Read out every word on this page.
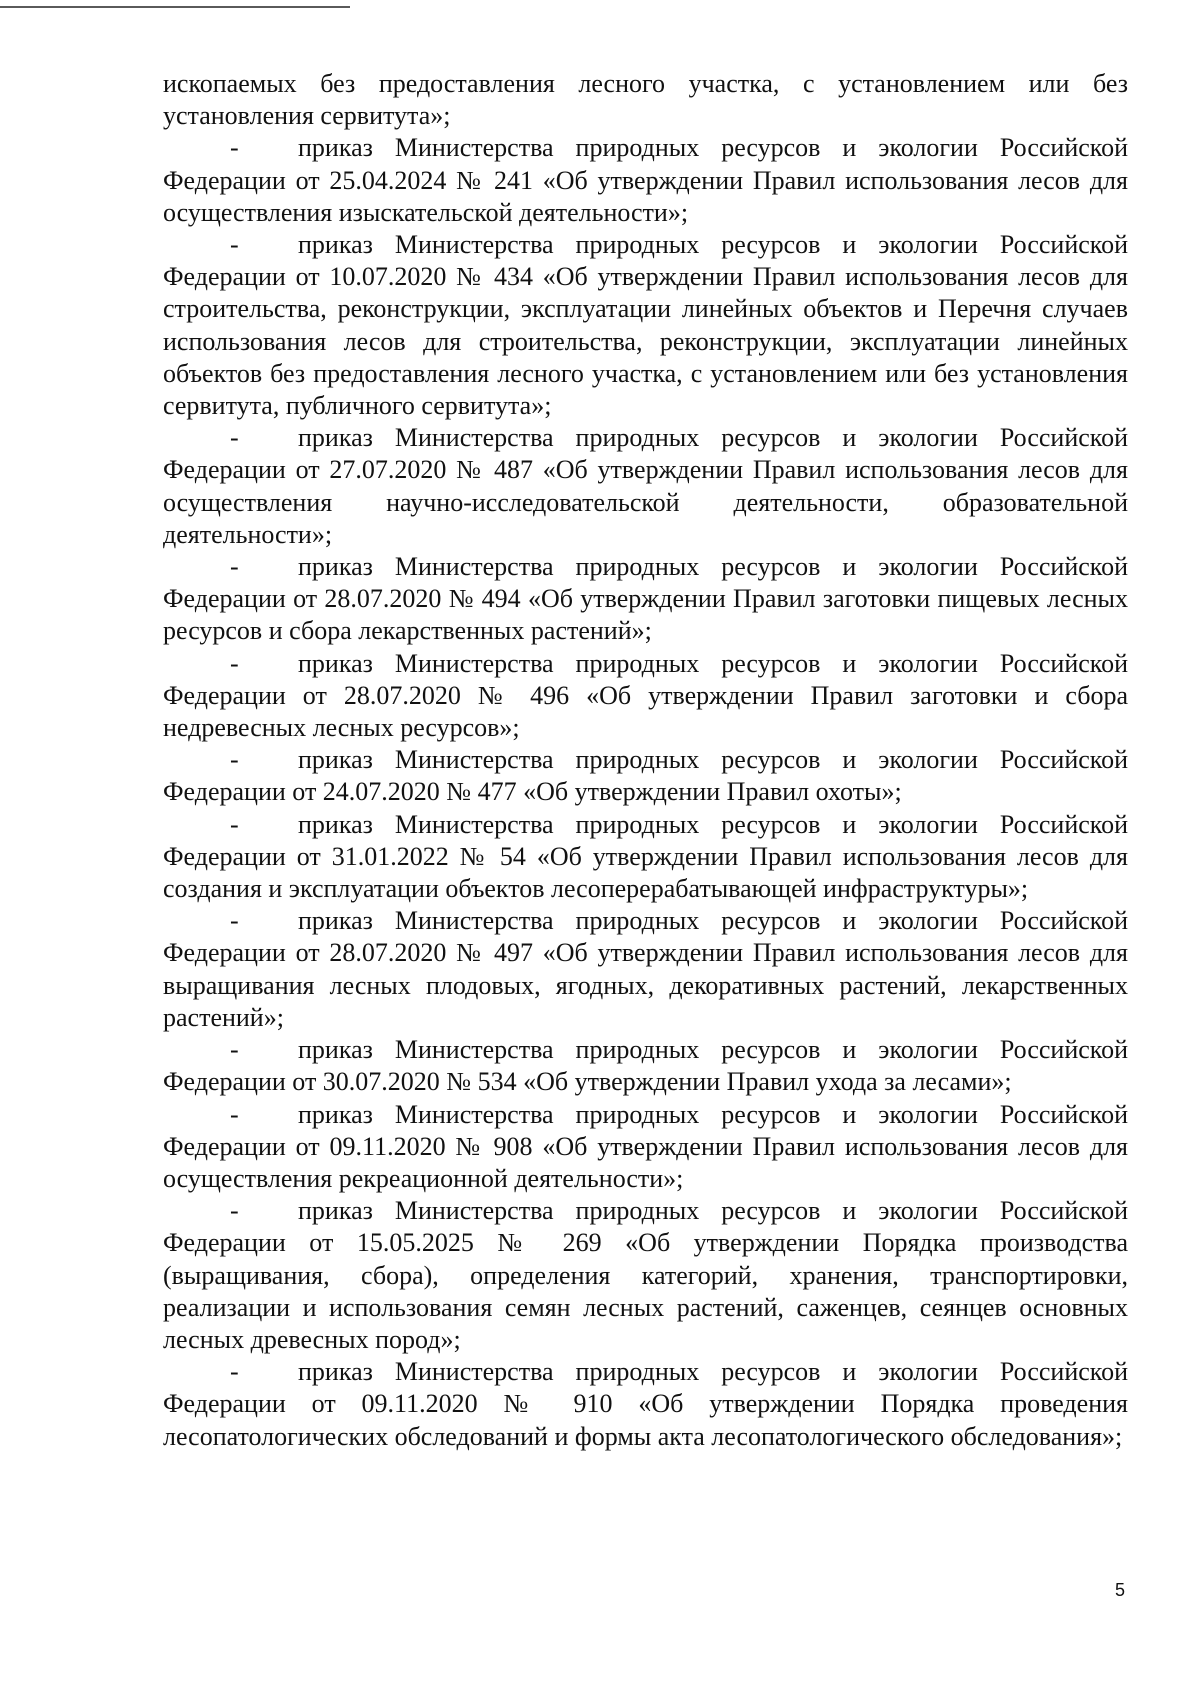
ископаемых без предоставления лесного участка, с установлением или без установления сервитута»;

- приказ Министерства природных ресурсов и экологии Российской Федерации от 25.04.2024 № 241 «Об утверждении Правил использования лесов для осуществления изыскательской деятельности»;

- приказ Министерства природных ресурсов и экологии Российской Федерации от 10.07.2020 № 434 «Об утверждении Правил использования лесов для строительства, реконструкции, эксплуатации линейных объектов и Перечня случаев использования лесов для строительства, реконструкции, эксплуатации линейных объектов без предоставления лесного участка, с установлением или без установления сервитута, публичного сервитута»;

- приказ Министерства природных ресурсов и экологии Российской Федерации от 27.07.2020 № 487 «Об утверждении Правил использования лесов для осуществления научно-исследовательской деятельности, образовательной деятельности»;

- приказ Министерства природных ресурсов и экологии Российской Федерации от 28.07.2020 № 494 «Об утверждении Правил заготовки пищевых лесных ресурсов и сбора лекарственных растений»;

- приказ Министерства природных ресурсов и экологии Российской Федерации от 28.07.2020 № 496 «Об утверждении Правил заготовки и сбора недревесных лесных ресурсов»;

- приказ Министерства природных ресурсов и экологии Российской Федерации от 24.07.2020 № 477 «Об утверждении Правил охоты»;

- приказ Министерства природных ресурсов и экологии Российской Федерации от 31.01.2022 № 54 «Об утверждении Правил использования лесов для создания и эксплуатации объектов лесоперерабатывающей инфраструктуры»;

- приказ Министерства природных ресурсов и экологии Российской Федерации от 28.07.2020 № 497 «Об утверждении Правил использования лесов для выращивания лесных плодовых, ягодных, декоративных растений, лекарственных растений»;

- приказ Министерства природных ресурсов и экологии Российской Федерации от 30.07.2020 № 534 «Об утверждении Правил ухода за лесами»;

- приказ Министерства природных ресурсов и экологии Российской Федерации от 09.11.2020 № 908 «Об утверждении Правил использования лесов для осуществления рекреационной деятельности»;

- приказ Министерства природных ресурсов и экологии Российской Федерации от 15.05.2025 № 269 «Об утверждении Порядка производства (выращивания, сбора), определения категорий, хранения, транспортировки, реализации и использования семян лесных растений, саженцев, сеянцев основных лесных древесных пород»;

- приказ Министерства природных ресурсов и экологии Российской Федерации от 09.11.2020 № 910 «Об утверждении Порядка проведения лесопатологических обследований и формы акта лесопатологического обследования»;

5
